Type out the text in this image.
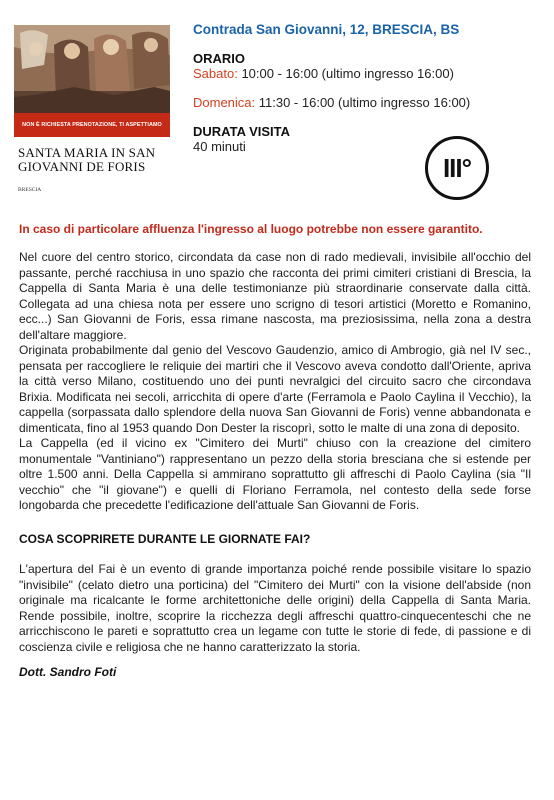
NON È RICHIESTA PRENOTAZIONE, TI ASPETTIAMO
SANTA MARIA IN SAN GIOVANNI DE FORIS
BRESCIA
Contrada San Giovanni, 12, BRESCIA, BS
ORARIO
Sabato: 10:00 - 16:00 (ultimo ingresso 16:00)
Domenica: 11:30 - 16:00 (ultimo ingresso 16:00)
DURATA VISITA
40 minuti
III°
In caso di particolare affluenza l'ingresso al luogo potrebbe non essere garantito.

Nel cuore del centro storico, circondata da case non di rado medievali, invisibile all'occhio del passante, perché racchiusa in uno spazio che racconta dei primi cimiteri cristiani di Brescia, la Cappella di Santa Maria è una delle testimonianze più straordinarie conservate dalla città. Collegata ad una chiesa nota per essere uno scrigno di tesori artistici (Moretto e Romanino, ecc...) San Giovanni de Foris, essa rimane nascosta, ma preziosissima, nella zona a destra dell'altare maggiore.

Originata probabilmente dal genio del Vescovo Gaudenzio, amico di Ambrogio, già nel IV sec., pensata per raccogliere le reliquie dei martiri che il Vescovo aveva condotto dall'Oriente, apriva la città verso Milano, costituendo uno dei punti nevralgici del circuito sacro che circondava Brixia. Modificata nei secoli, arricchita di opere d'arte (Ferramola e Paolo Caylina il Vecchio), la cappella (sorpassata dallo splendore della nuova San Giovanni de Foris) venne abbandonata e dimenticata, fino al 1953 quando Don Dester la riscoprì, sotto le malte di una zona di deposito.

La Cappella (ed il vicino ex "Cimitero dei Murti" chiuso con la creazione del cimitero monumentale "Vantiniano") rappresentano un pezzo della storia bresciana che si estende per oltre 1.500 anni. Della Cappella si ammirano soprattutto gli affreschi di Paolo Caylina (sia "Il vecchio" che "il giovane") e quelli di Floriano Ferramola, nel contesto della sede forse longobarda che precedette l'edificazione dell'attuale San Giovanni de Foris.

COSA SCOPRIRETE DURANTE LE GIORNATE FAI?
L'apertura del Fai è un evento di grande importanza poiché rende possibile visitare lo spazio "invisibile" (celato dietro una porticina) del "Cimitero dei Murti" con la visione dell'abside (non originale ma ricalcante le forme architettoniche delle origini) della Cappella di Santa Maria. Rende possibile, inoltre, scoprire la ricchezza degli affreschi quattro-cinquecenteschi che ne arricchiscono le pareti e soprattutto crea un legame con tutte le storie di fede, di passione e di coscienza civile e religiosa che ne hanno caratterizzato la storia.
Dott. Sandro Foti
